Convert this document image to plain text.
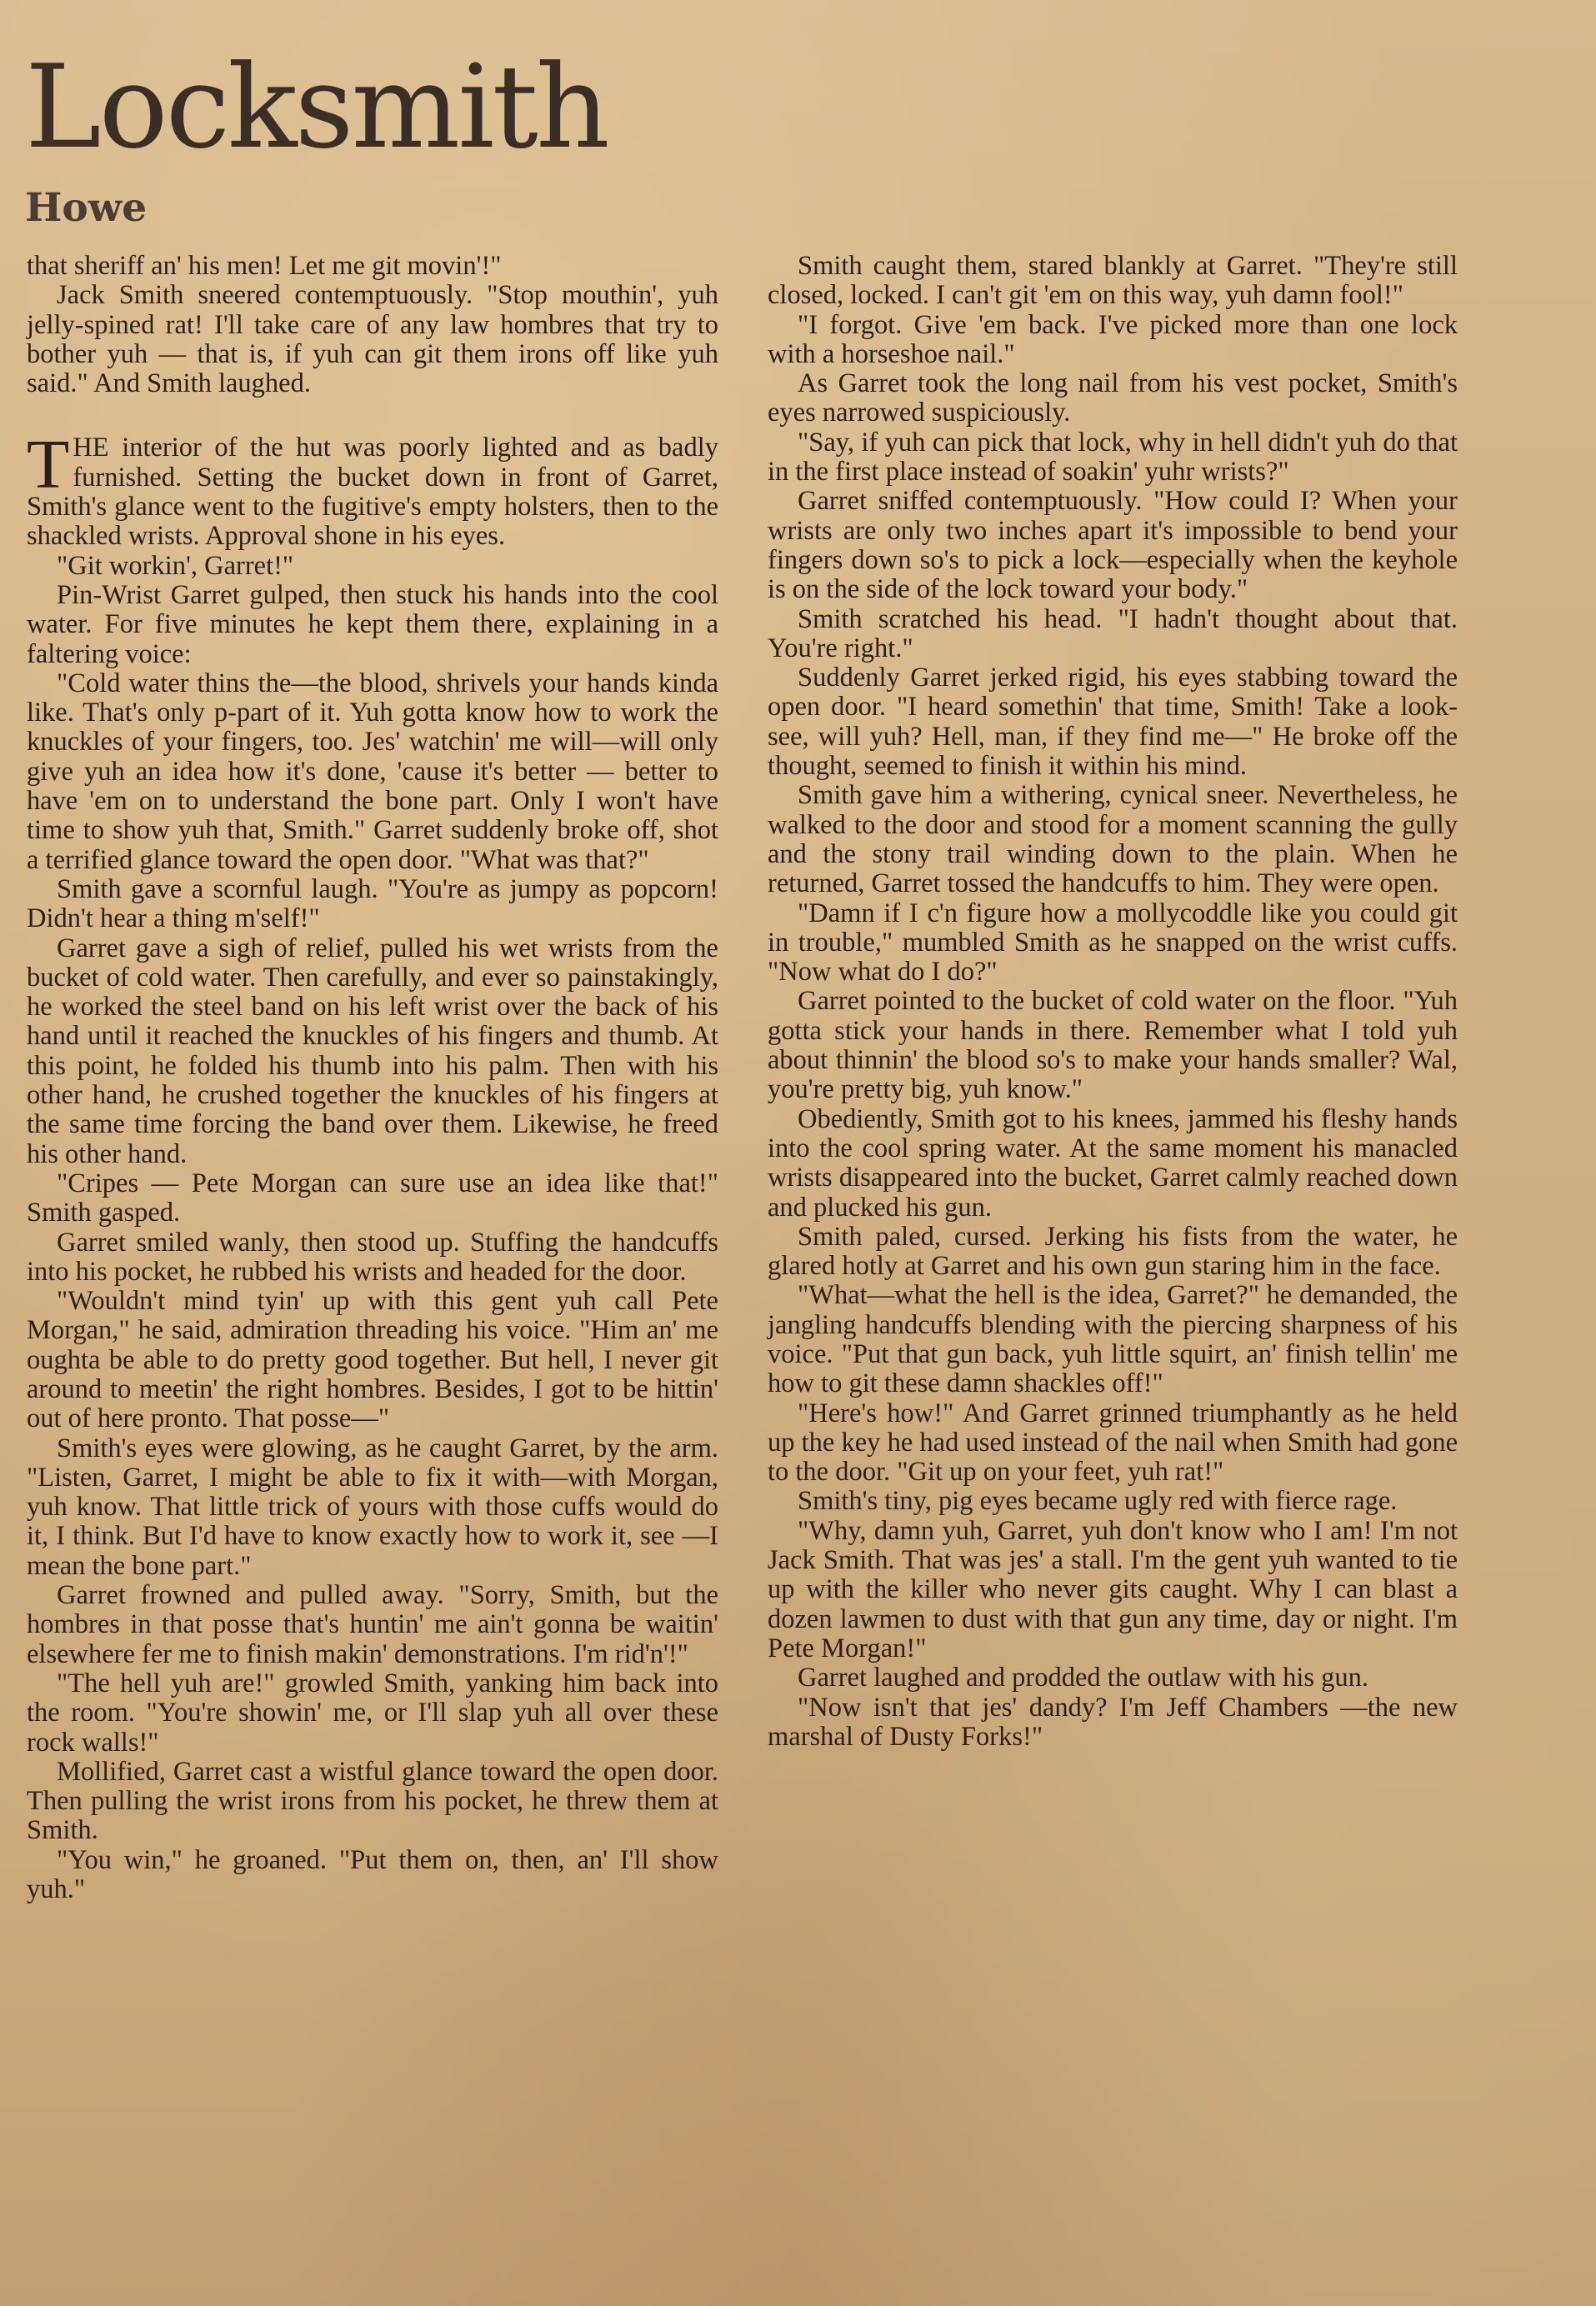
Locksmith
Howe

that sheriff an' his men! Let me git movin'!"

Jack Smith sneered contemptuously. "Stop mouthin', yuh jelly-spined rat! I'll take care of any law hombres that try to bother yuh — that is, if yuh can git them irons off like yuh said." And Smith laughed.

THE interior of the hut was poorly lighted and as badly furnished. Setting the bucket down in front of Garret, Smith's glance went to the fugitive's empty holsters, then to the shackled wrists. Approval shone in his eyes.

"Git workin', Garret!"

Pin-Wrist Garret gulped, then stuck his hands into the cool water. For five minutes he kept them there, explaining in a faltering voice:

"Cold water thins the—the blood, shrivels your hands kinda like. That's only p-part of it. Yuh gotta know how to work the knuckles of your fingers, too. Jes' watchin' me will—will only give yuh an idea how it's done, 'cause it's better — better to have 'em on to understand the bone part. Only I won't have time to show yuh that, Smith." Garret suddenly broke off, shot a terrified glance toward the open door. "What was that?"

Smith gave a scornful laugh. "You're as jumpy as popcorn! Didn't hear a thing m'self!"

Garret gave a sigh of relief, pulled his wet wrists from the bucket of cold water. Then carefully, and ever so painstakingly, he worked the steel band on his left wrist over the back of his hand until it reached the knuckles of his fingers and thumb. At this point, he folded his thumb into his palm. Then with his other hand, he crushed together the knuckles of his fingers at the same time forcing the band over them. Likewise, he freed his other hand.

"Cripes — Pete Morgan can sure use an idea like that!" Smith gasped.

Garret smiled wanly, then stood up. Stuffing the handcuffs into his pocket, he rubbed his wrists and headed for the door.

"Wouldn't mind tyin' up with this gent yuh call Pete Morgan," he said, admiration threading his voice. "Him an' me oughta be able to do pretty good together. But hell, I never git around to meetin' the right hombres. Besides, I got to be hittin' out of here pronto. That posse—"

Smith's eyes were glowing, as he caught Garret, by the arm. "Listen, Garret, I might be able to fix it with—with Morgan, yuh know. That little trick of yours with those cuffs would do it, I think. But I'd have to know exactly how to work it, see —I mean the bone part."

Garret frowned and pulled away. "Sorry, Smith, but the hombres in that posse that's huntin' me ain't gonna be waitin' elsewhere fer me to finish makin' demonstrations. I'm rid'n'!"

"The hell yuh are!" growled Smith, yanking him back into the room. "You're showin' me, or I'll slap yuh all over these rock walls!"

Mollified, Garret cast a wistful glance toward the open door. Then pulling the wrist irons from his pocket, he threw them at Smith.

"You win," he groaned. "Put them on, then, an' I'll show yuh."

Smith caught them, stared blankly at Garret. "They're still closed, locked. I can't git 'em on this way, yuh damn fool!"

"I forgot. Give 'em back. I've picked more than one lock with a horseshoe nail."

As Garret took the long nail from his vest pocket, Smith's eyes narrowed suspiciously.

"Say, if yuh can pick that lock, why in hell didn't yuh do that in the first place instead of soakin' yuhr wrists?"

Garret sniffed contemptuously. "How could I? When your wrists are only two inches apart it's impossible to bend your fingers down so's to pick a lock—especially when the keyhole is on the side of the lock toward your body."

Smith scratched his head. "I hadn't thought about that. You're right."

Suddenly Garret jerked rigid, his eyes stabbing toward the open door. "I heard somethin' that time, Smith! Take a look-see, will yuh? Hell, man, if they find me—" He broke off the thought, seemed to finish it within his mind.

Smith gave him a withering, cynical sneer. Nevertheless, he walked to the door and stood for a moment scanning the gully and the stony trail winding down to the plain. When he returned, Garret tossed the handcuffs to him. They were open.

"Damn if I c'n figure how a mollycoddle like you could git in trouble," mumbled Smith as he snapped on the wrist cuffs. "Now what do I do?"

Garret pointed to the bucket of cold water on the floor. "Yuh gotta stick your hands in there. Remember what I told yuh about thinnin' the blood so's to make your hands smaller? Wal, you're pretty big, yuh know."

Obediently, Smith got to his knees, jammed his fleshy hands into the cool spring water. At the same moment his manacled wrists disappeared into the bucket, Garret calmly reached down and plucked his gun.

Smith paled, cursed. Jerking his fists from the water, he glared hotly at Garret and his own gun staring him in the face.

"What—what the hell is the idea, Garret?" he demanded, the jangling handcuffs blending with the piercing sharpness of his voice. "Put that gun back, yuh little squirt, an' finish tellin' me how to git these damn shackles off!"

"Here's how!" And Garret grinned triumphantly as he held up the key he had used instead of the nail when Smith had gone to the door. "Git up on your feet, yuh rat!"

Smith's tiny, pig eyes became ugly red with fierce rage.

"Why, damn yuh, Garret, yuh don't know who I am! I'm not Jack Smith. That was jes' a stall. I'm the gent yuh wanted to tie up with the killer who never gits caught. Why I can blast a dozen lawmen to dust with that gun any time, day or night. I'm Pete Morgan!"

Garret laughed and prodded the outlaw with his gun.

"Now isn't that jes' dandy? I'm Jeff Chambers —the new marshal of Dusty Forks!"
